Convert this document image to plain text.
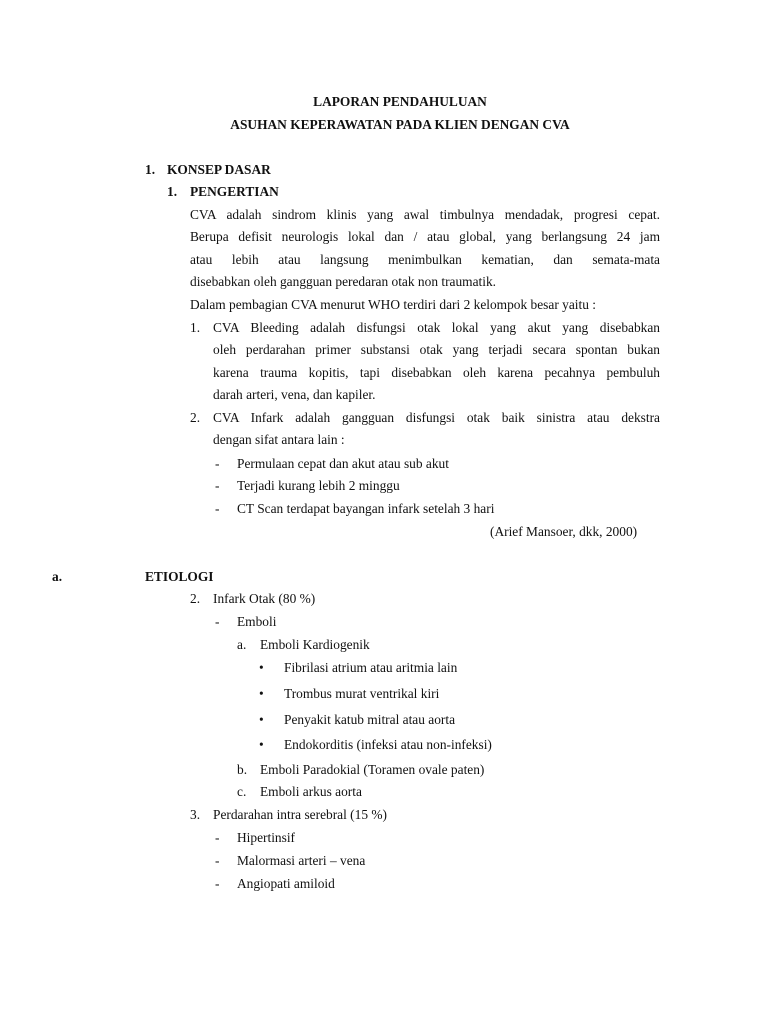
LAPORAN PENDAHULUAN
ASUHAN KEPERAWATAN PADA KLIEN DENGAN CVA
1. KONSEP DASAR
1. PENGERTIAN
CVA adalah sindrom klinis yang awal timbulnya mendadak, progresi cepat.
Berupa defisit neurologis lokal dan / atau global, yang berlangsung 24 jam
atau lebih atau langsung menimbulkan kematian, dan semata-mata
disebabkan oleh gangguan peredaran otak non traumatik.
Dalam pembagian CVA menurut WHO terdiri dari 2 kelompok besar yaitu :
1. CVA Bleeding adalah disfungsi otak lokal yang akut yang disebabkan
oleh perdarahan primer substansi otak yang terjadi secara spontan bukan
karena trauma kopitis, tapi disebabkan oleh karena pecahnya pembuluh
darah arteri, vena, dan kapiler.
2. CVA Infark adalah gangguan disfungsi otak baik sinistra atau dekstra
dengan sifat antara lain :
- Permulaan cepat dan akut atau sub akut
- Terjadi kurang lebih 2 minggu
- CT Scan terdapat bayangan infark setelah 3 hari
(Arief Mansoer, dkk, 2000)
a.	ETIOLOGI
2. Infark Otak (80 %)
- Emboli
a. Emboli Kardiogenik
• Fibrilasi atrium atau aritmia lain
• Trombus murat ventrikal kiri
• Penyakit katub mitral atau aorta
• Endokorditis (infeksi atau non-infeksi)
b. Emboli Paradokial (Toramen ovale paten)
c. Emboli arkus aorta
3. Perdarahan intra serebral (15 %)
- Hipertinsif
- Malormasi arteri – vena
- Angiopati amiloid
